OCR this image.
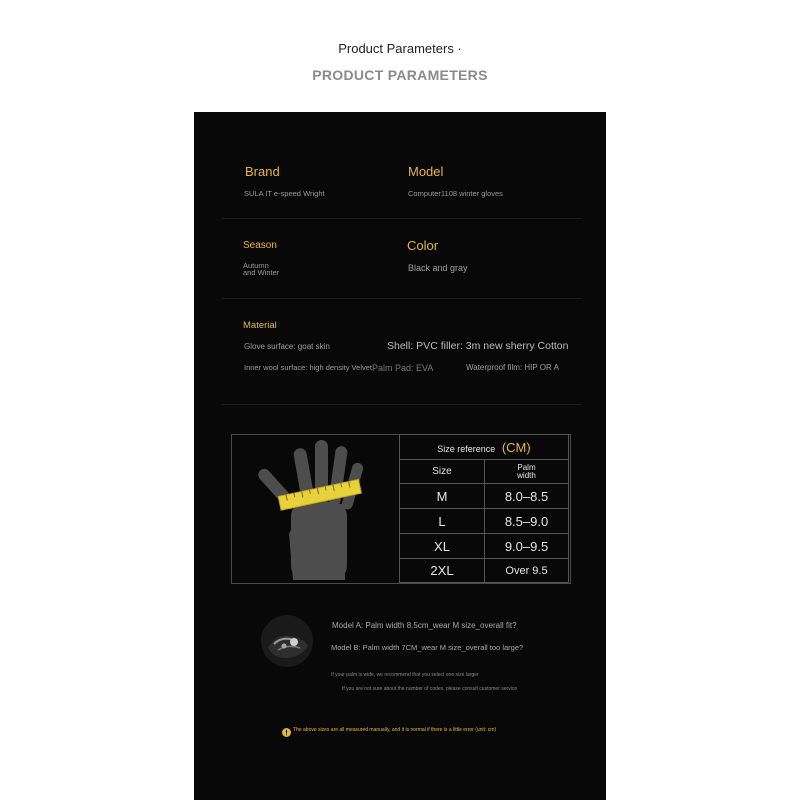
Product Parameters ·
PRODUCT PARAMETERS
Brand
SULA IT e-speed Wright
Model
Computer1108 winter gloves
Season
Autumn
and Winter
Color
Black and gray
Material
Glove surface: goat skin	Shell: PVC filler: 3m new sherry Cotton
Inner wool surface: high density Velvet Palm Pad: EVA	Waterproof film: HIP OR A
Size reference (CM)	
Size	Palm
width

M	8.0–8.5
L	8.5–9.0
XL	9.0–9.5
2XL	Over 9.5
Model A: Palm width 8.5cm_wear M size_overall fit?
Model B: Palm width 7CM_wear M size_overall too large?
If your palm is wide, we recommend that you select one size larger
If you are not sure about the number of codes, please consult customer service
The above sizes are all measured manually, and it is normal if there is a little error (unit: cm)
